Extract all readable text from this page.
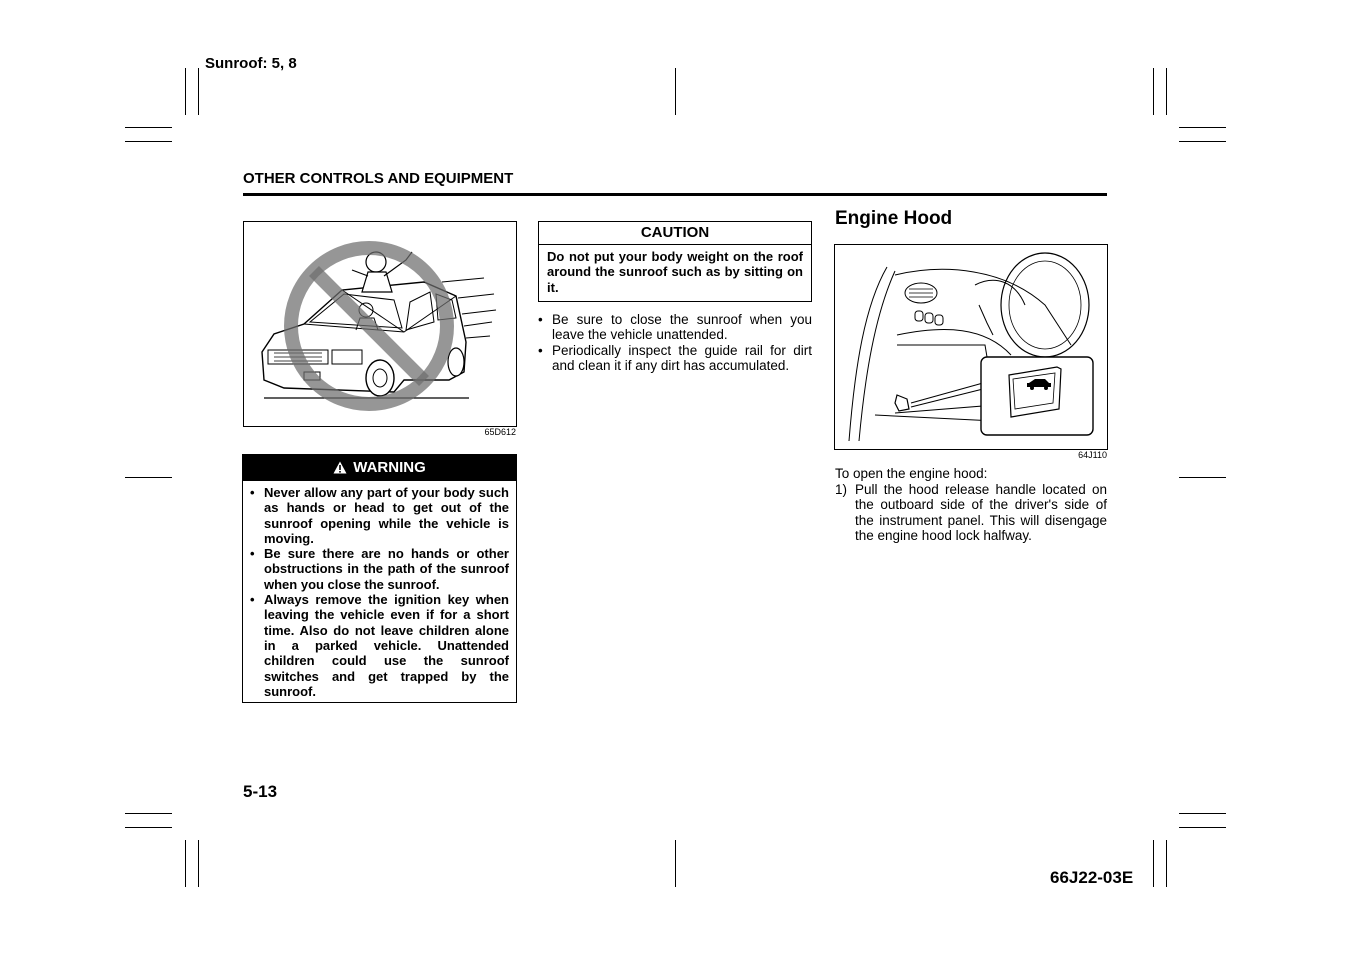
Sunroof: 5, 8
OTHER CONTROLS AND EQUIPMENT
65D612
WARNING
• Never allow any part of your body such as hands or head to get out of the sunroof opening while the vehicle is moving.
• Be sure there are no hands or other obstructions in the path of the sunroof when you close the sunroof.
• Always remove the ignition key when leaving the vehicle even if for a short time. Also do not leave children alone in a parked vehicle. Unattended children could use the sunroof switches and get trapped by the sunroof.
CAUTION
Do not put your body weight on the roof around the sunroof such as by sitting on it.
• Be sure to close the sunroof when you leave the vehicle unattended.
• Periodically inspect the guide rail for dirt and clean it if any dirt has accumulated.
Engine Hood
64J110
To open the engine hood:
1) Pull the hood release handle located on the outboard side of the driver's side of the instrument panel. This will disengage the engine hood lock halfway.
5-13
66J22-03E
